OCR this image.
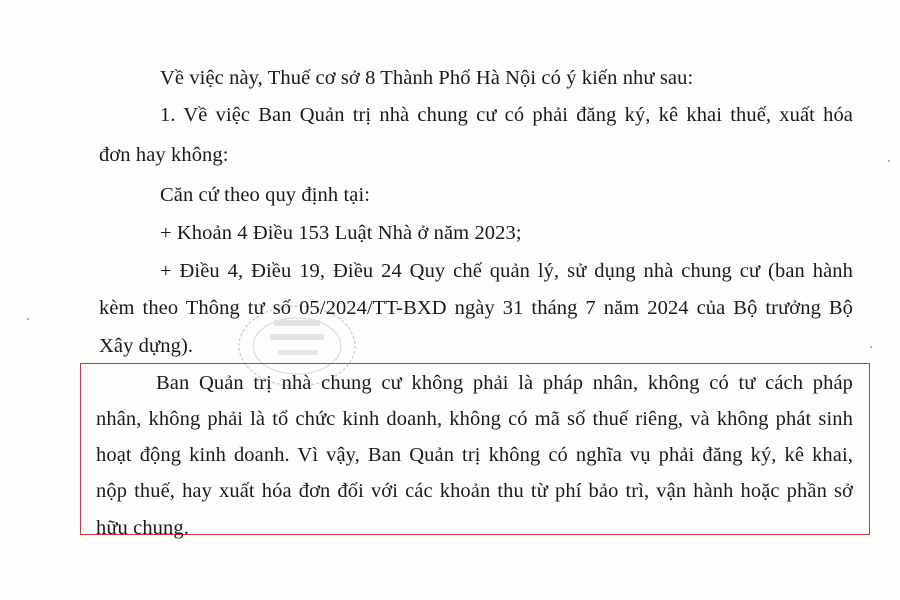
Về việc này, Thuế cơ sở 8 Thành Phố Hà Nội có ý kiến như sau:
1. Về việc Ban Quản trị nhà chung cư có phải đăng ký, kê khai thuế, xuất hóa
đơn hay không:
Căn cứ theo quy định tại:
+ Khoản 4 Điều 153 Luật Nhà ở năm 2023;
+ Điều 4, Điều 19, Điều 24 Quy chế quản lý, sử dụng nhà chung cư (ban hành
kèm theo Thông tư số 05/2024/TT-BXD ngày 31 tháng 7 năm 2024 của Bộ trưởng Bộ
Xây dựng).
Ban Quản trị nhà chung cư không phải là pháp nhân, không có tư cách pháp
nhân, không phải là tổ chức kinh doanh, không có mã số thuế riêng, và không phát sinh
hoạt động kinh doanh. Vì vậy, Ban Quản trị không có nghĩa vụ phải đăng ký, kê khai,
nộp thuế, hay xuất hóa đơn đối với các khoản thu từ phí bảo trì, vận hành hoặc phần sở
hữu chung.
